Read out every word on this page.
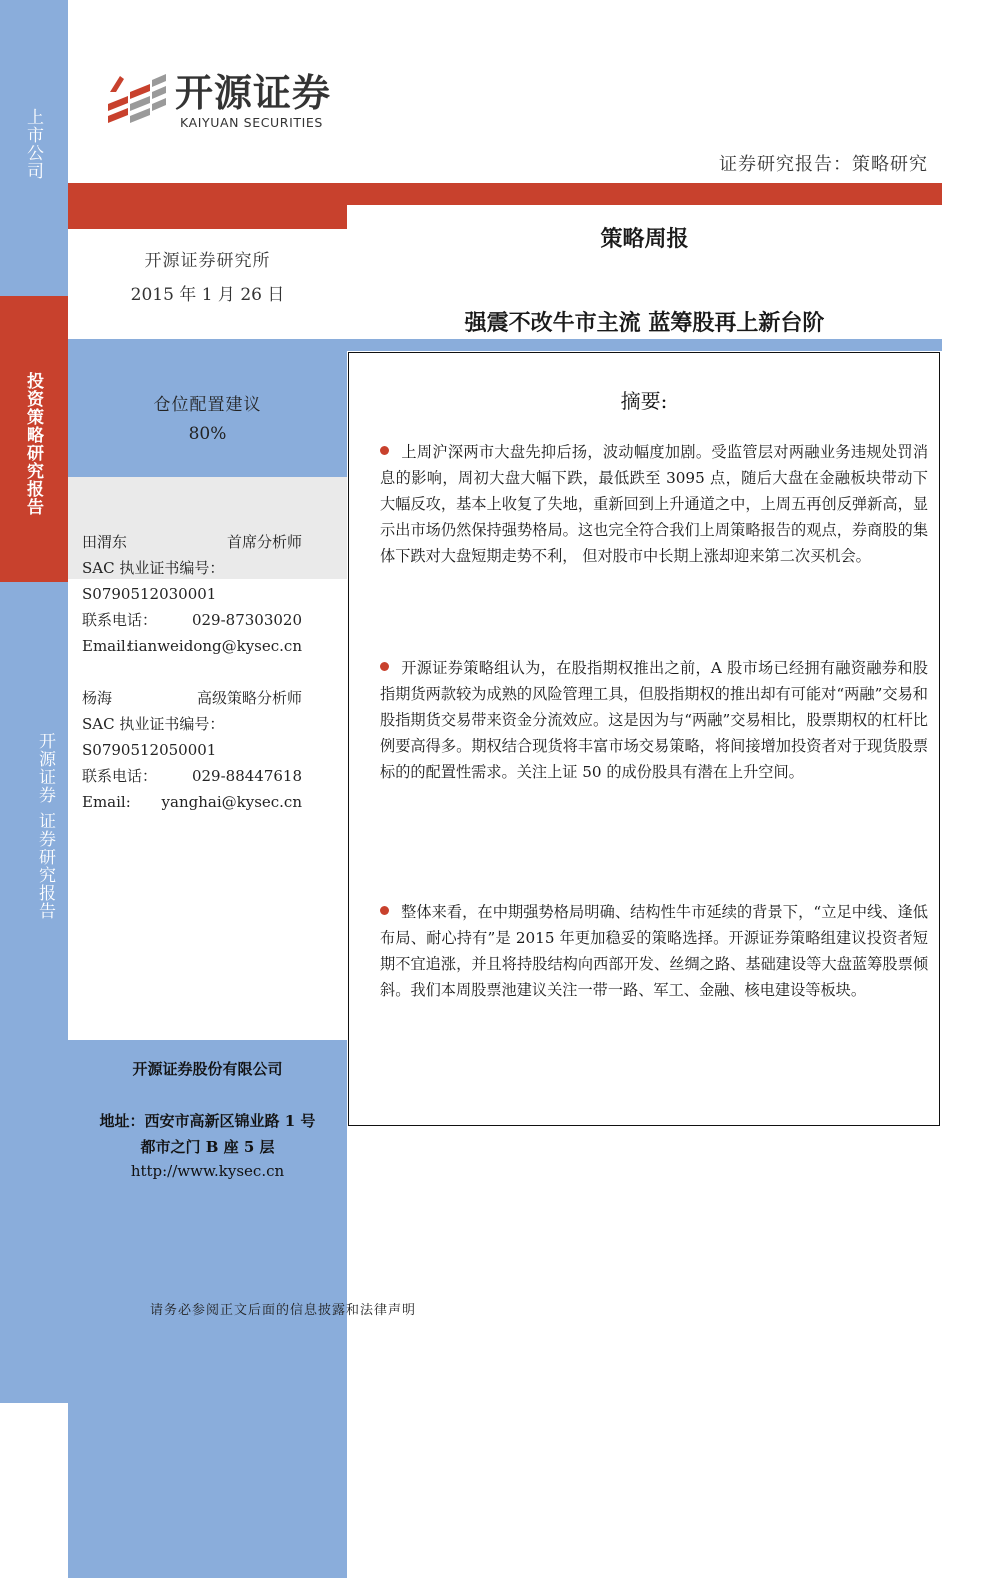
上市公司
投资策略研究报告
开源证券
证券研究报告
开源证券
KAIYUAN SECURITIES
证券研究报告：策略研究
开源证券研究所
2015 年 1 月 26 日
策略周报
强震不改牛市主流 蓝筹股再上新台阶
仓位配置建议
80%
田渭东	首席分析师
SAC 执业证书编号：
S0790512030001
联系电话： 029-87303020
Email:
tianweidong@kysec.cn
杨海	高级策略分析师
SAC 执业证书编号：
S0790512050001
联系电话： 029-88447618
Email: yanghai@kysec.cn
开源证券股份有限公司
地址：西安市高新区锦业路 1 号
都市之门 B 座 5 层
http://www.kysec.cn
摘要:
上周沪深两市大盘先抑后扬，波动幅度加剧。受监管层对两融业务违规处罚消息的影响，周初大盘大幅下跌，最低跌至 3095 点，随后大盘在金融板块带动下大幅反攻，基本上收复了失地，重新回到上升通道之中，上周五再创反弹新高，显示出市场仍然保持强势格局。这也完全符合我们上周策略报告的观点，券商股的集体下跌对大盘短期走势不利， 但对股市中长期上涨却迎来第二次买机会。
开源证券策略组认为，在股指期权推出之前，A 股市场已经拥有融资融券和股指期货两款较为成熟的风险管理工具，但股指期权的推出却有可能对“两融”交易和股指期货交易带来资金分流效应。这是因为与“两融”交易相比，股票期权的杠杆比例要高得多。期权结合现货将丰富市场交易策略，将间接增加投资者对于现货股票标的的配置性需求。关注上证 50 的成份股具有潜在上升空间。
整体来看，在中期强势格局明确、结构性牛市延续的背景下，“立足中线、逢低布局、耐心持有”是 2015 年更加稳妥的策略选择。开源证券策略组建议投资者短期不宜追涨，并且将持股结构向西部开发、丝绸之路、基础建设等大盘蓝筹股票倾斜。我们本周股票池建议关注一带一路、军工、金融、核电建设等板块。
请务必参阅正文后面的信息披露和法律声明
